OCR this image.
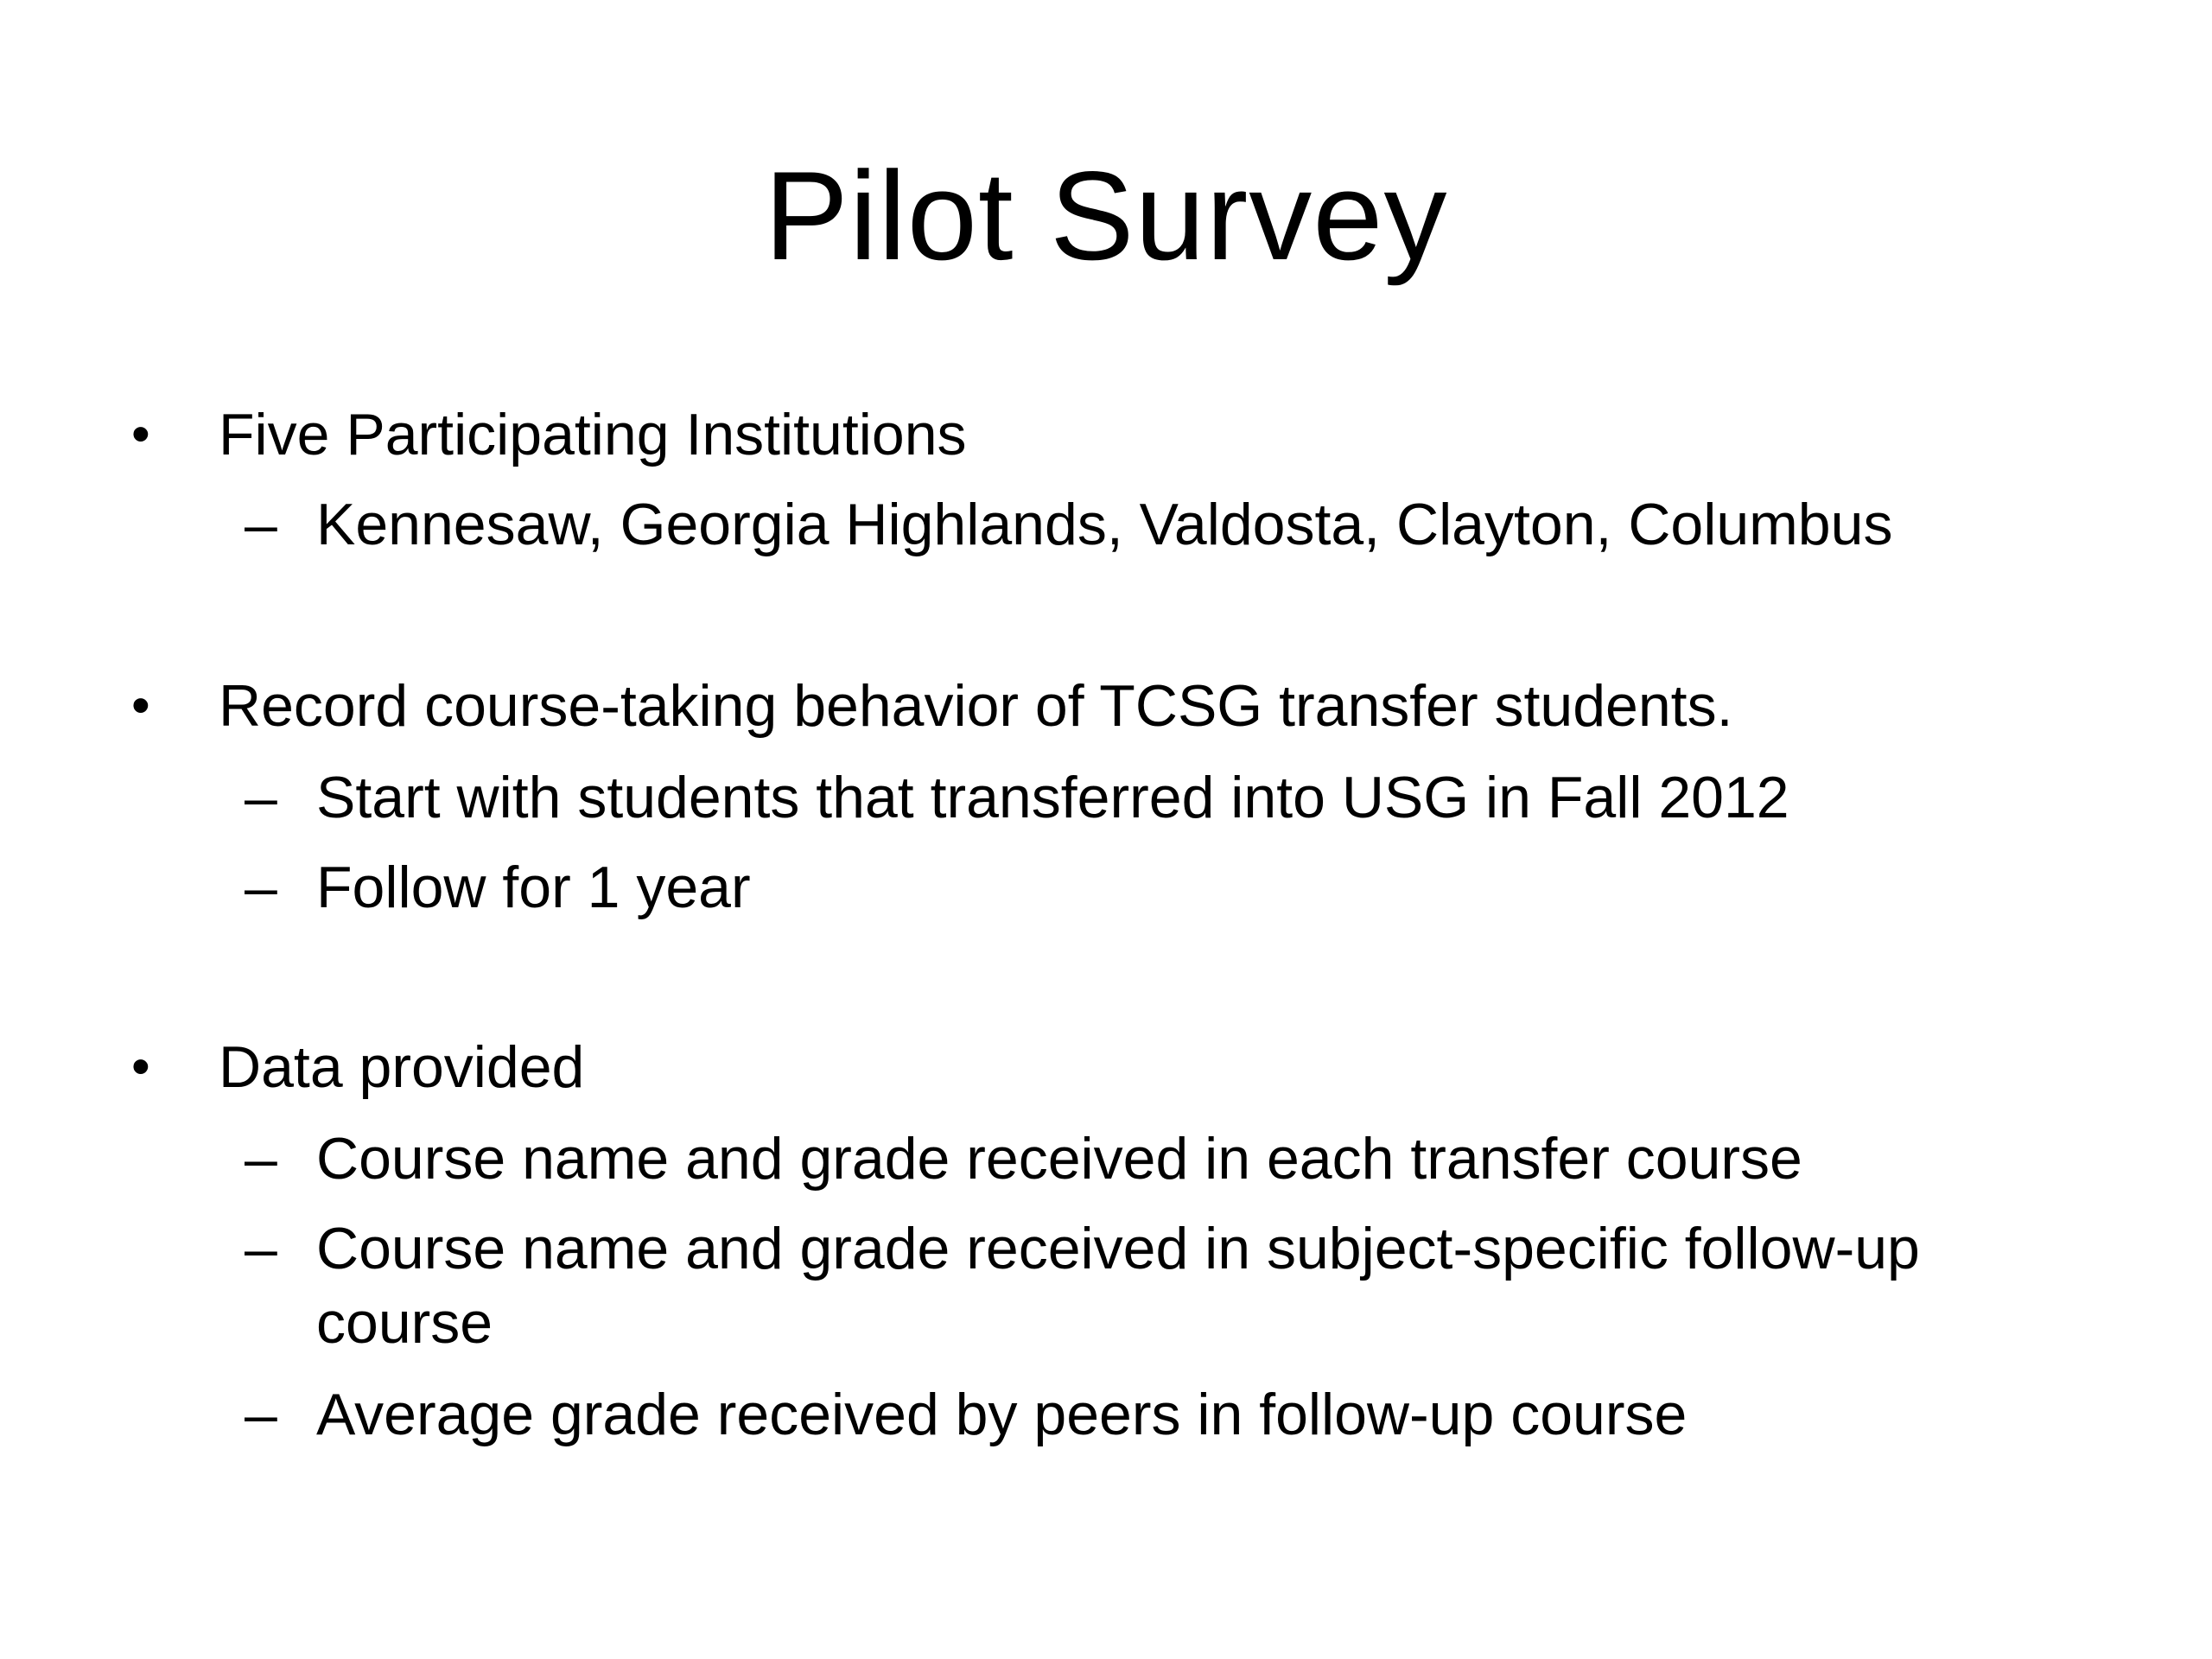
Pilot Survey
• Five Participating Institutions
– Kennesaw, Georgia Highlands, Valdosta, Clayton, Columbus
• Record course-taking behavior of TCSG transfer students.
– Start with students that transferred into USG in Fall 2012
– Follow for 1 year
• Data provided
– Course name and grade received in each transfer course
– Course name and grade received in subject-specific follow-up
course
– Average grade received by peers in follow-up course
